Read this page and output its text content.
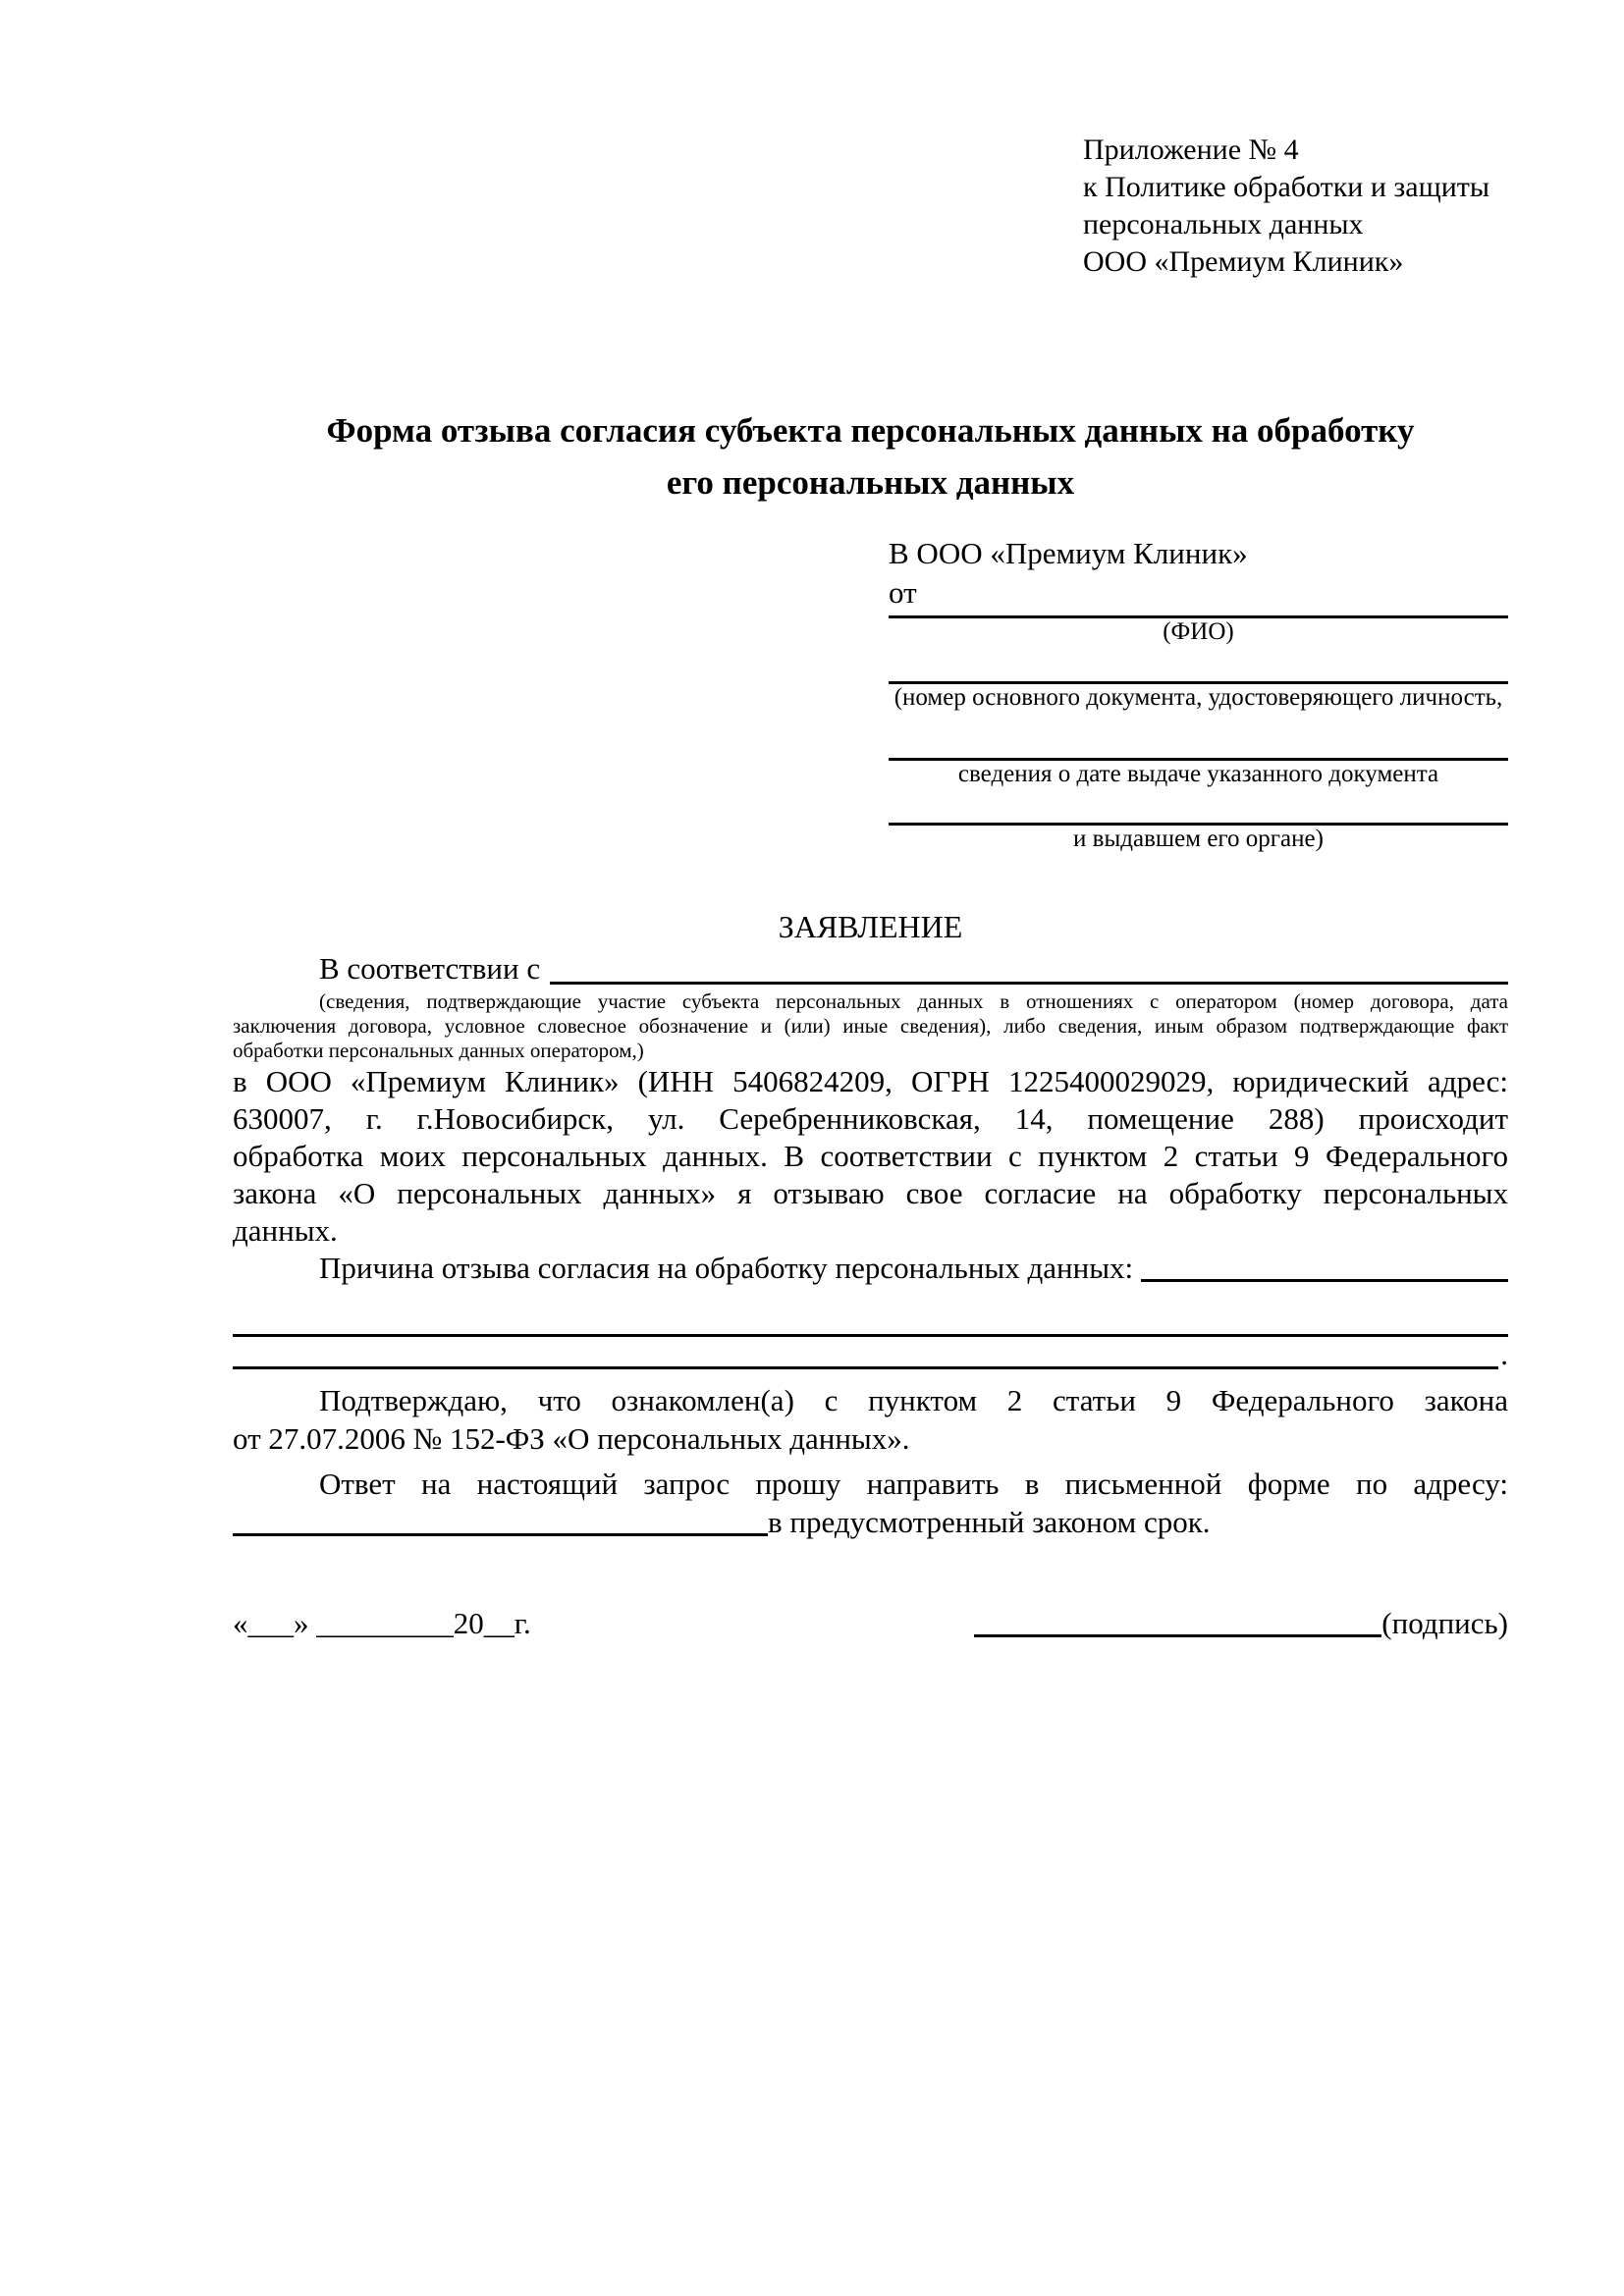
Приложение № 4
к Политике обработки и защиты
персональных данных
ООО «Премиум Клиник»
Форма отзыва согласия субъекта персональных данных на обработку
его персональных данных
В ООО «Премиум Клиник»
от
(ФИО)
(номер основного документа, удостоверяющего личность,
сведения о дате выдаче указанного документа
и выдавшем его органе)
ЗАЯВЛЕНИЕ
В соответствии с
(сведения, подтверждающие участие субъекта персональных данных в отношениях с оператором (номер договора, дата
заключения договора, условное словесное обозначение и (или) иные сведения), либо сведения, иным образом подтверждающие факт
обработки персональных данных оператором,)
в ООО «Премиум Клиник» (ИНН 5406824209, ОГРН 1225400029029, юридический адрес:
630007, г. г.Новосибирск, ул. Серебренниковская, 14, помещение 288) происходит
обработка моих персональных данных. В соответствии с пунктом 2 статьи 9 Федерального
закона «О персональных данных» я отзываю свое согласие на обработку персональных
данных.
Причина отзыва согласия на обработку персональных данных:
.
Подтверждаю, что ознакомлен(а) с пунктом 2 статьи 9 Федерального закона
от 27.07.2006 № 152-ФЗ «О персональных данных».
Ответ на настоящий запрос прошу направить в письменной форме по адресу:
в предусмотренный законом срок.
«___» _________20__г.	(подпись)
